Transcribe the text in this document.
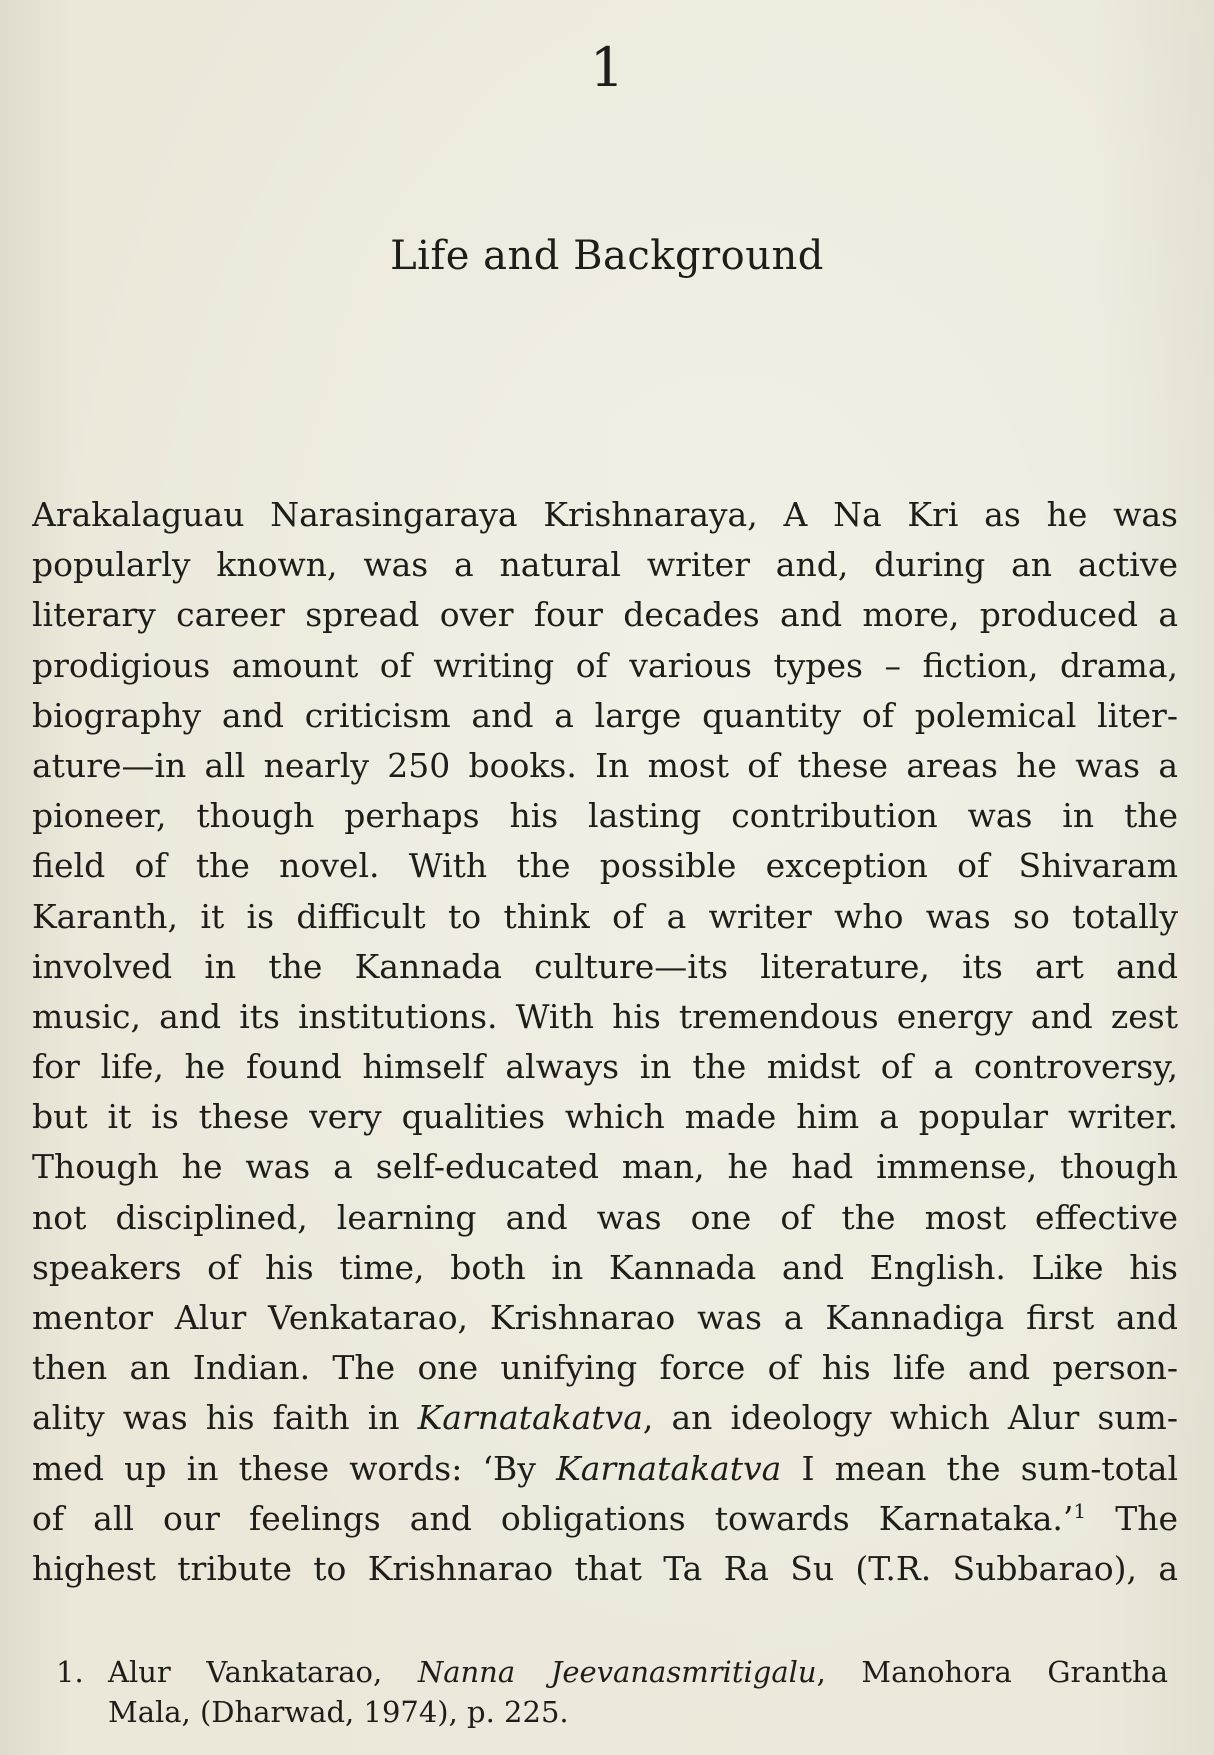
1
Life and Background
Arakalaguau Narasingaraya Krishnaraya, A Na Kri as he was
popularly known, was a natural writer and, during an active
literary career spread over four decades and more, produced a
prodigious amount of writing of various types – fiction, drama,
biography and criticism and a large quantity of polemical liter-
ature—in all nearly 250 books. In most of these areas he was a
pioneer, though perhaps his lasting contribution was in the
field of the novel. With the possible exception of Shivaram
Karanth, it is difficult to think of a writer who was so totally
involved in the Kannada culture—its literature, its art and
music, and its institutions. With his tremendous energy and zest
for life, he found himself always in the midst of a controversy,
but it is these very qualities which made him a popular writer.
Though he was a self-educated man, he had immense, though
not disciplined, learning and was one of the most effective
speakers of his time, both in Kannada and English. Like his
mentor Alur Venkatarao, Krishnarao was a Kannadiga first and
then an Indian. The one unifying force of his life and person-
ality was his faith in Karnatakatva, an ideology which Alur sum-
med up in these words: ‘By Karnatakatva I mean the sum-total
of all our feelings and obligations towards Karnataka.’$^1$ The
highest tribute to Krishnarao that Ta Ra Su (T.R. Subbarao), a
1. Alur Vankatarao, Nanna Jeevanasmritigalu, Manohora Grantha
Mala, (Dharwad, 1974), p. 225.
